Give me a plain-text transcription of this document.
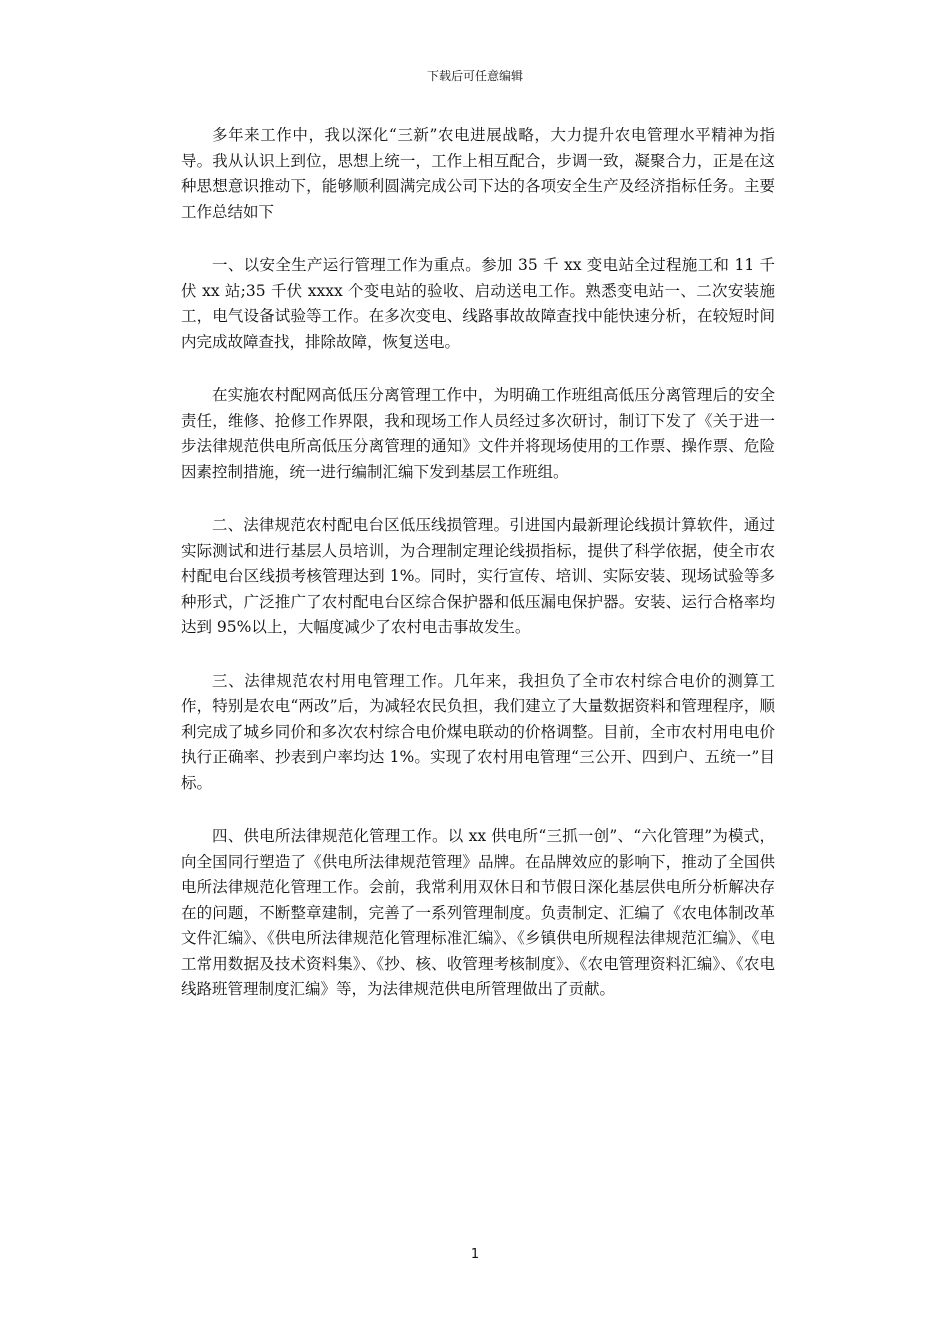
下载后可任意编辑

多年来工作中，我以深化“三新”农电进展战略，大力提升农电管理水平精神为指导。我从认识上到位，思想上统一，工作上相互配合，步调一致，凝聚合力，正是在这种思想意识推动下，能够顺利圆满完成公司下达的各项安全生产及经济指标任务。主要工作总结如下

一、以安全生产运行管理工作为重点。参加 35 千 xx 变电站全过程施工和 11 千伏 xx 站;35 千伏 xxxx 个变电站的验收、启动送电工作。熟悉变电站一、二次安装施工，电气设备试验等工作。在多次变电、线路事故故障查找中能快速分析，在较短时间内完成故障查找，排除故障，恢复送电。

在实施农村配网高低压分离管理工作中，为明确工作班组高低压分离管理后的安全责任，维修、抢修工作界限，我和现场工作人员经过多次研讨，制订下发了《关于进一步法律规范供电所高低压分离管理的通知》文件并将现场使用的工作票、操作票、危险因素控制措施，统一进行编制汇编下发到基层工作班组。

二、法律规范农村配电台区低压线损管理。引进国内最新理论线损计算软件，通过实际测试和进行基层人员培训，为合理制定理论线损指标，提供了科学依据，使全市农村配电台区线损考核管理达到 1%。同时，实行宣传、培训、实际安装、现场试验等多种形式，广泛推广了农村配电台区综合保护器和低压漏电保护器。安装、运行合格率均达到 95%以上，大幅度减少了农村电击事故发生。

三、法律规范农村用电管理工作。几年来，我担负了全市农村综合电价的测算工作，特别是农电“两改”后，为减轻农民负担，我们建立了大量数据资料和管理程序，顺利完成了城乡同价和多次农村综合电价煤电联动的价格调整。目前，全市农村用电电价执行正确率、抄表到户率均达 1%。实现了农村用电管理“三公开、四到户、五统一”目标。

四、供电所法律规范化管理工作。以 xx 供电所“三抓一创”、“六化管理”为模式，向全国同行塑造了《供电所法律规范管理》品牌。在品牌效应的影响下，推动了全国供电所法律规范化管理工作。会前，我常利用双休日和节假日深化基层供电所分析解决存在的问题，不断整章建制，完善了一系列管理制度。负责制定、汇编了《农电体制改革文件汇编》、《供电所法律规范化管理标准汇编》、《乡镇供电所规程法律规范汇编》、《电工常用数据及技术资料集》、《抄、核、收管理考核制度》、《农电管理资料汇编》、《农电线路班管理制度汇编》等，为法律规范供电所管理做出了贡献。

1
